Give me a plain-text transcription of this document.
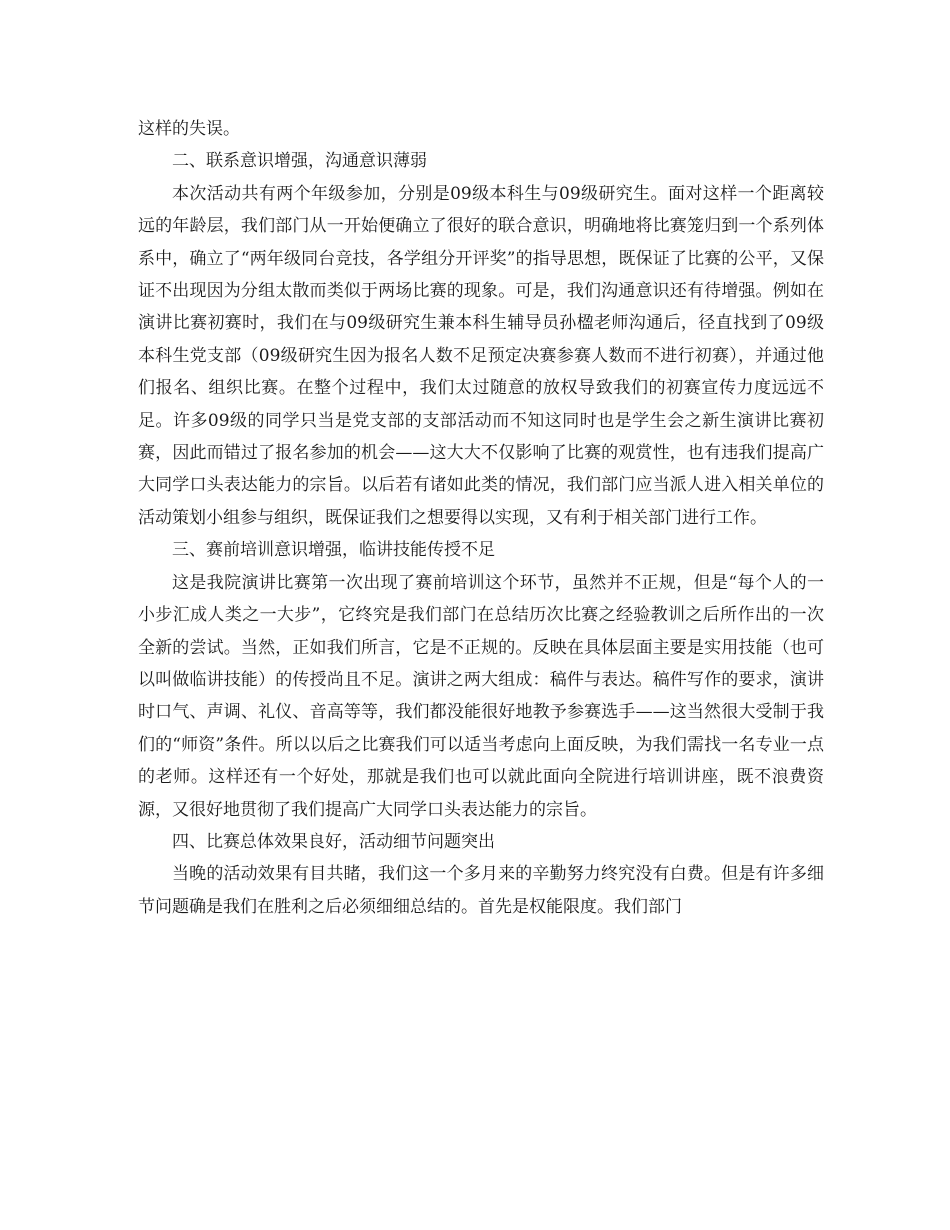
这样的失误。

二、联系意识增强，沟通意识薄弱

本次活动共有两个年级参加，分别是09级本科生与09级研究生。面对这样一个距离较远的年龄层，我们部门从一开始便确立了很好的联合意识，明确地将比赛笼归到一个系列体系中，确立了“两年级同台竞技，各学组分开评奖”的指导思想，既保证了比赛的公平，又保证不出现因为分组太散而类似于两场比赛的现象。可是，我们沟通意识还有待增强。例如在演讲比赛初赛时，我们在与09级研究生兼本科生辅导员孙楹老师沟通后，径直找到了09级本科生党支部（09级研究生因为报名人数不足预定决赛参赛人数而不进行初赛），并通过他们报名、组织比赛。在整个过程中，我们太过随意的放权导致我们的初赛宣传力度远远不足。许多09级的同学只当是党支部的支部活动而不知这同时也是学生会之新生演讲比赛初赛，因此而错过了报名参加的机会——这大大不仅影响了比赛的观赏性，也有违我们提高广大同学口头表达能力的宗旨。以后若有诸如此类的情况，我们部门应当派人进入相关单位的活动策划小组参与组织，既保证我们之想要得以实现，又有利于相关部门进行工作。

三、赛前培训意识增强，临讲技能传授不足

这是我院演讲比赛第一次出现了赛前培训这个环节，虽然并不正规，但是“每个人的一小步汇成人类之一大步”，它终究是我们部门在总结历次比赛之经验教训之后所作出的一次全新的尝试。当然，正如我们所言，它是不正规的。反映在具体层面主要是实用技能（也可以叫做临讲技能）的传授尚且不足。演讲之两大组成：稿件与表达。稿件写作的要求，演讲时口气、声调、礼仪、音高等等，我们都没能很好地教予参赛选手——这当然很大受制于我们的“师资”条件。所以以后之比赛我们可以适当考虑向上面反映，为我们需找一名专业一点的老师。这样还有一个好处，那就是我们也可以就此面向全院进行培训讲座，既不浪费资源，又很好地贯彻了我们提高广大同学口头表达能力的宗旨。

四、比赛总体效果良好，活动细节问题突出

当晚的活动效果有目共睹，我们这一个多月来的辛勤努力终究没有白费。但是有许多细节问题确是我们在胜利之后必须细细总结的。首先是权能限度。我们部门
